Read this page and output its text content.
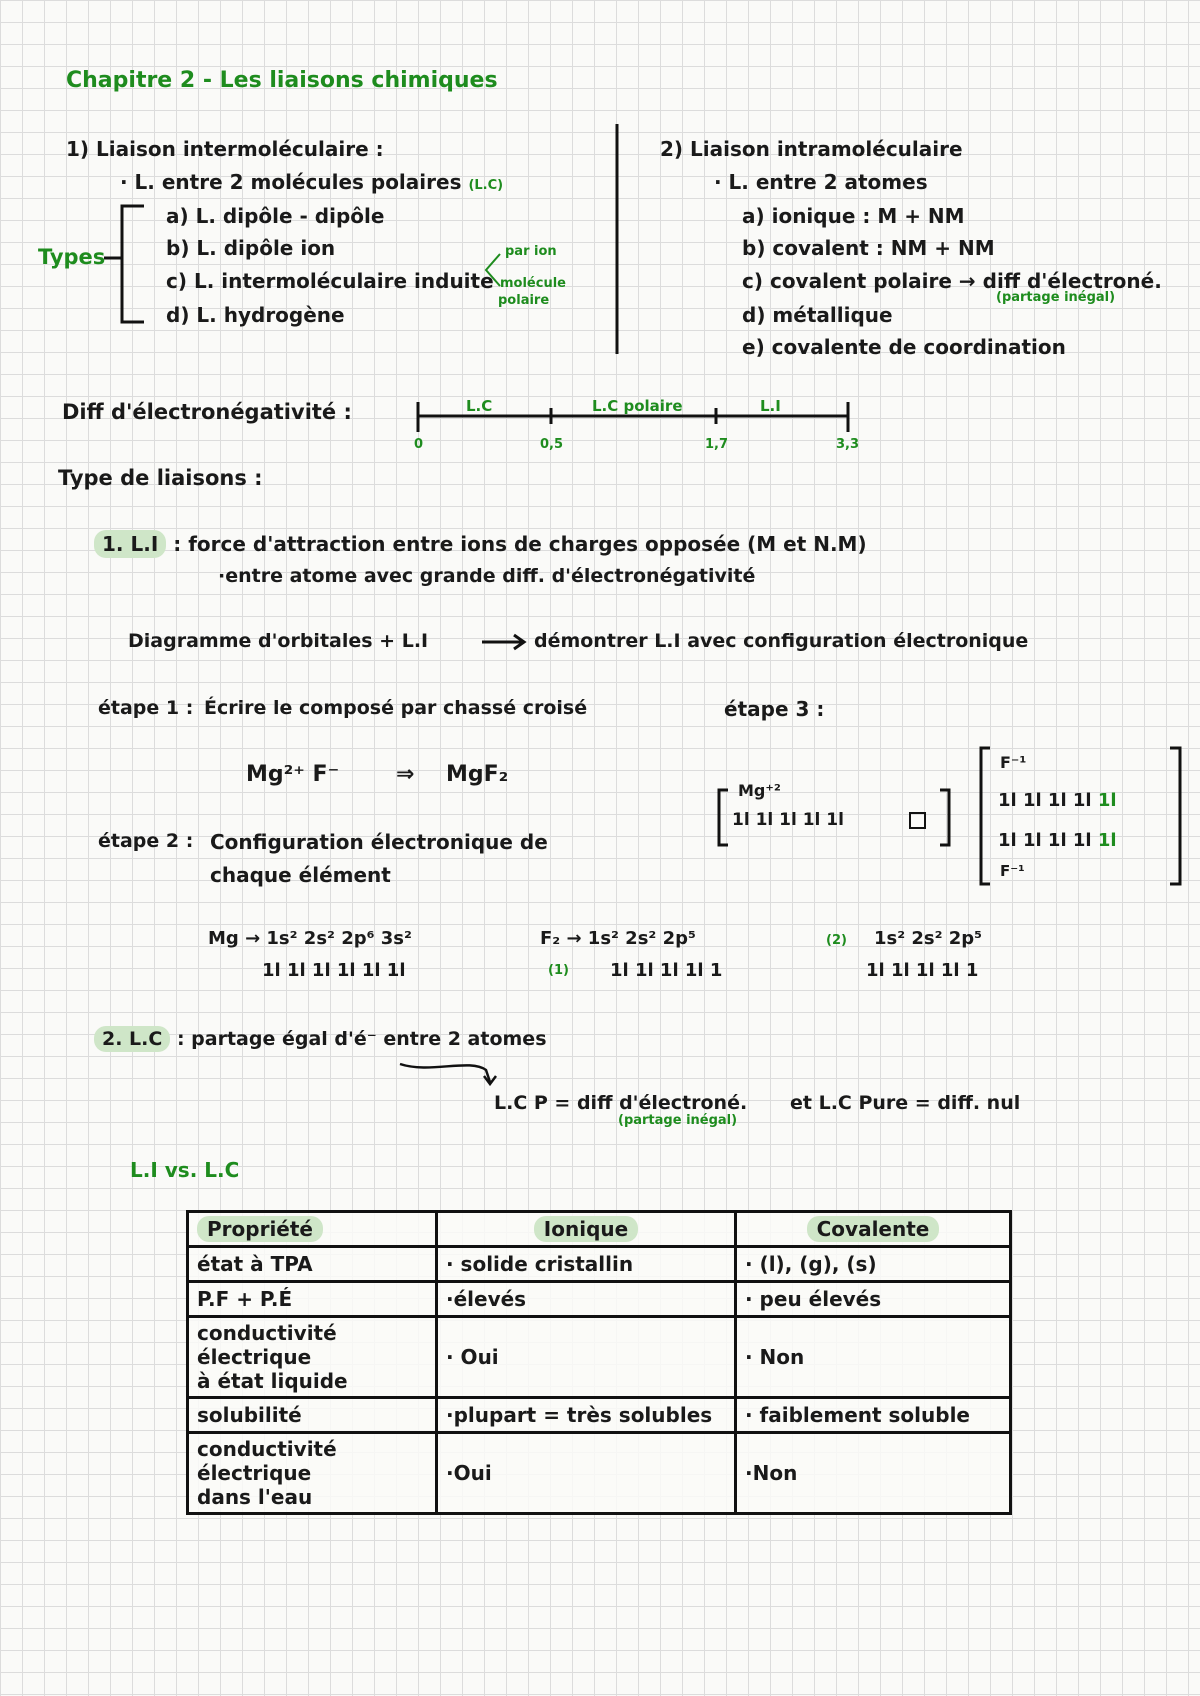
Chapitre 2 - Les liaisons chimiques
1) Liaison intermoléculaire :
· L. entre 2 molécules polaires (L.C)
Types
a) L. dipôle - dipôle
b) L. dipôle ion
c) L. intermoléculaire induite
d) L. hydrogène
par ion
molécule
polaire
2) Liaison intramoléculaire
· L. entre 2 atomes
a) ionique : M + NM
b) covalent : NM + NM
c) covalent polaire → diff d'électroné.
(partage inégal)
d) métallique
e) covalente de coordination
Diff d'électronégativité :	L.C	L.C polaire	L.I
0	0,5	1,7	3,3
Type de liaisons :
1. L.I : force d'attraction entre ions de charges opposée (M et N.M)
·entre atome avec grande diff. d'électronégativité
Diagramme d'orbitales + L.I	démontrer L.I avec configuration électronique
étape 1 : Écrire le composé par chassé croisé
Mg²⁺ F⁻	⇒ MgF₂
étape 2 : Configuration électronique de
chaque élément
Mg → 1s² 2s² 2p⁶ 3s²
1l 1l 1l 1l 1l 1l
F₂ → 1s² 2s² 2p⁵
(1) 1l 1l 1l 1l 1
(2) 1s² 2s² 2p⁵
1l 1l 1l 1l 1
étape 3 :
Mg⁺²
1l 1l 1l 1l 1l
F⁻¹
1l 1l 1l 1l 1l
1l 1l 1l 1l 1l
F⁻¹
2. L.C : partage égal d'é⁻ entre 2 atomes
L.C P = diff d'électroné.
(partage inégal)
et L.C Pure = diff. nul
L.I vs. L.C
Propriété	Ionique	Covalente
état à TPA	· solide cristallin	· (l), (g), (s)
P.F + P.É	·élevés	· peu élevés
conductivité électrique
à état liquide	· Oui	· Non
solubilité	·plupart = très solubles	· faiblement soluble
conductivité électrique
dans l'eau	·Oui	·Non
